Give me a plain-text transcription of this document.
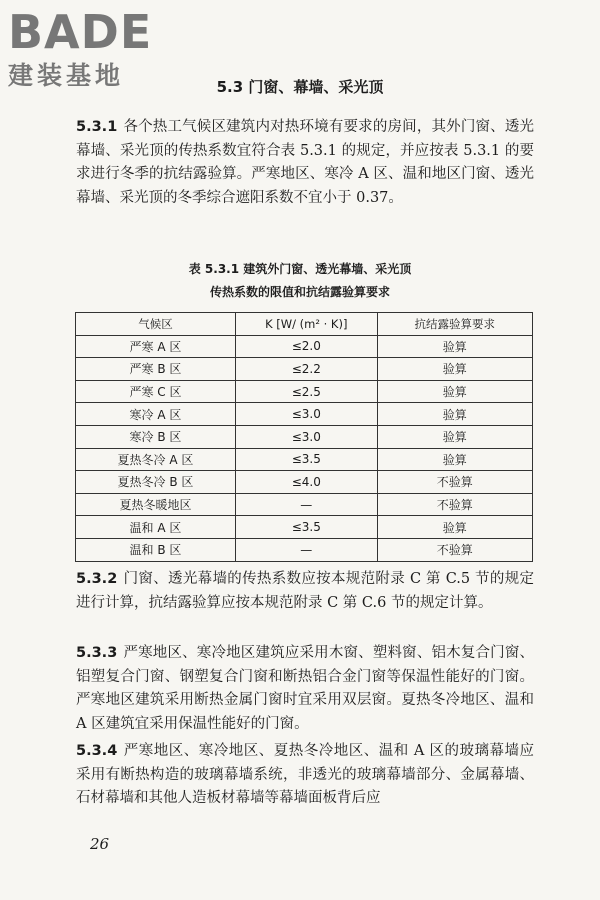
BADE
建装基地	5.3 门窗、幕墙、采光顶
5.3.1 各个热工气候区建筑内对热环境有要求的房间，其外门窗、透光幕墙、采光顶的传热系数宜符合表 5.3.1 的规定，并应按表 5.3.1 的要求进行冬季的抗结露验算。严寒地区、寒冷 A 区、温和地区门窗、透光幕墙、采光顶的冬季综合遮阳系数不宜小于 0.37。
表 5.3.1 建筑外门窗、透光幕墙、采光顶
传热系数的限值和抗结露验算要求
气候区	K [W/ (m² · K)]	抗结露验算要求
严寒 A 区	≤2.0	验算
严寒 B 区	≤2.2	验算
严寒 C 区	≤2.5	验算
寒冷 A 区	≤3.0	验算
寒冷 B 区	≤3.0	验算
夏热冬冷 A 区	≤3.5	验算
夏热冬冷 B 区	≤4.0	不验算
夏热冬暖地区	—	不验算
温和 A 区	≤3.5	验算
温和 B 区	—	不验算
5.3.2 门窗、透光幕墙的传热系数应按本规范附录 C 第 C.5 节的规定进行计算，抗结露验算应按本规范附录 C 第 C.6 节的规定计算。
5.3.3 严寒地区、寒冷地区建筑应采用木窗、塑料窗、铝木复合门窗、铝塑复合门窗、钢塑复合门窗和断热铝合金门窗等保温性能好的门窗。严寒地区建筑采用断热金属门窗时宜采用双层窗。夏热冬冷地区、温和 A 区建筑宜采用保温性能好的门窗。
5.3.4 严寒地区、寒冷地区、夏热冬冷地区、温和 A 区的玻璃幕墙应采用有断热构造的玻璃幕墙系统，非透光的玻璃幕墙部分、金属幕墙、石材幕墙和其他人造板材幕墙等幕墙面板背后应
26
